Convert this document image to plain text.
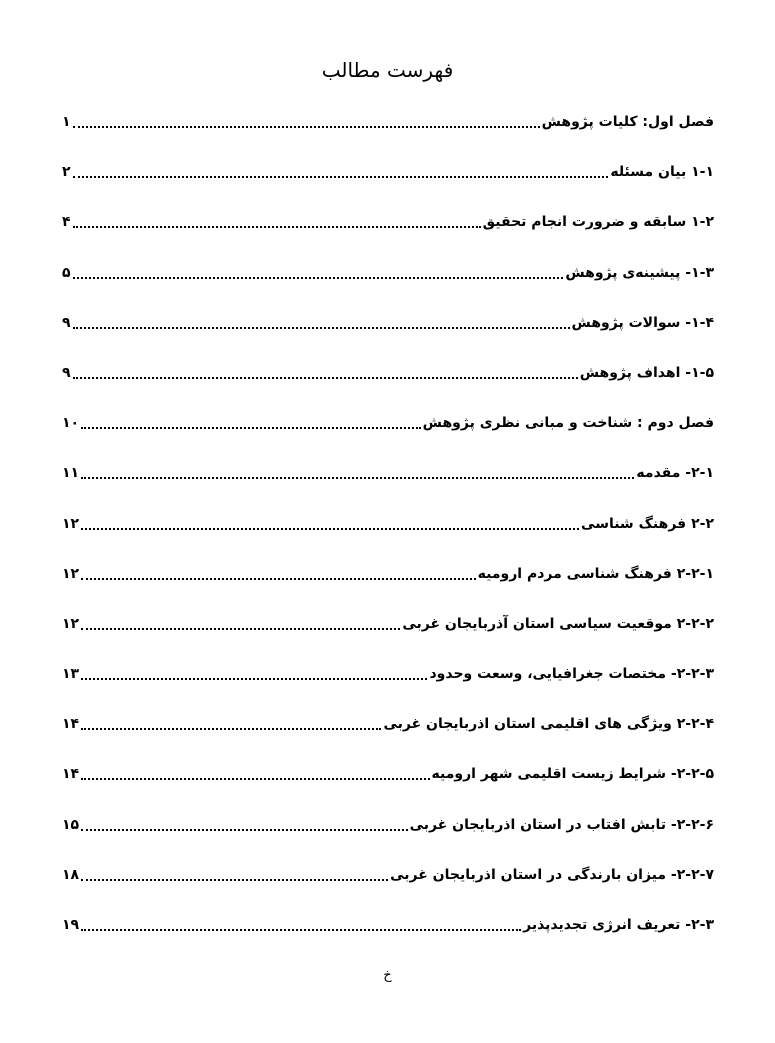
فهرست مطالب
فصل اول: کلیات پژوهش
۱
۱-۱ بیان مسئله
۲
۱-۲ سابقه و ضرورت انجام تحقیق
۴
۱-۳- پیشینه‌ی پژوهش
۵
۱-۴- سوالات پژوهش
۹
۱-۵- اهداف پژوهش
۹
فصل دوم : شناخت و مبانی نظری پژوهش
۱۰
۲-۱- مقدمه
۱۱
۲-۲ فرهنگ شناسی
۱۲
۲-۲-۱ فرهنگ شناسی مردم ارومیه
۱۲
۲-۲-۲ موقعیت سیاسی استان آذربایجان غربی
۱۲
۲-۲-۳- مختصات جغرافیایی، وسعت وحدود
۱۳
۲-۲-۴ ویژگی های اقلیمی استان اذربایجان غربی
۱۴
۲-۲-۵- شرایط زیست اقلیمی شهر ارومیه
۱۴
۲-۲-۶- تابش افتاب در استان اذربایجان غربی
۱۵
۲-۲-۷- میزان بارندگی در استان اذربایجان غربی
۱۸
۲-۳- تعریف انرژی تجدیدپذیر
۱۹
خ
